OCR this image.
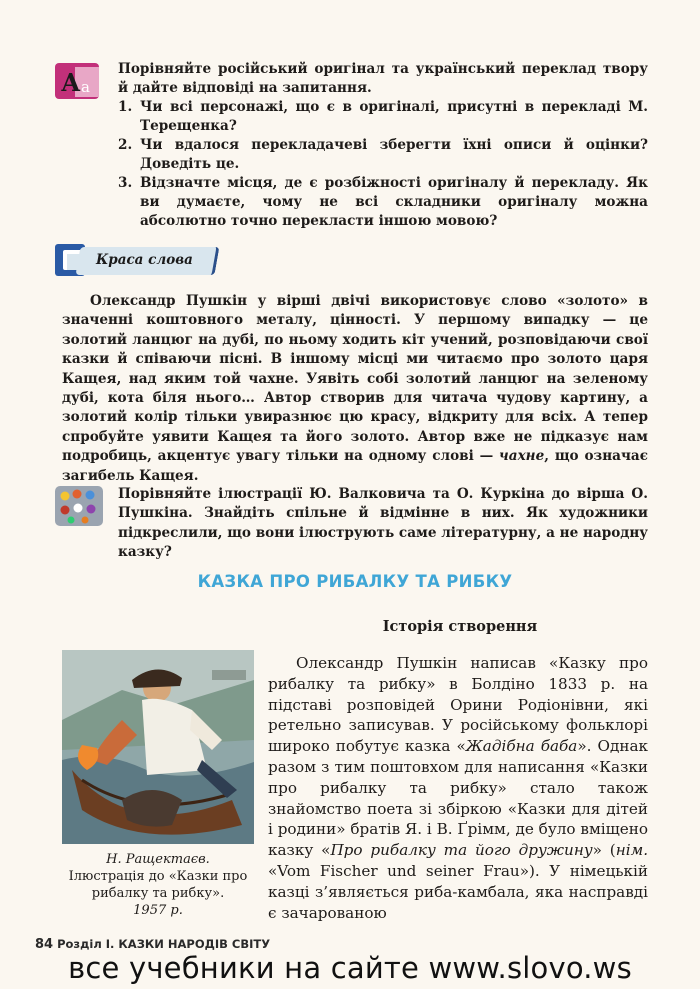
А а

Порівняйте російський оригінал та український переклад твору й дайте відповіді на запитання.

1. Чи всі персонажі, що є в оригіналі, присутні в перекладі М. Терещенка?
2. Чи вдалося перекладачеві зберегти їхні описи й оцінки? Доведіть це.
3. Відзначте місця, де є розбіжності оригіналу й перекладу. Як ви думаєте, чому не всі складники оригіналу можна абсолютно точно перекласти іншою мовою?
Краса слова

Олександр Пушкін у вірші двічі використовує слово «золото» в значенні коштовного металу, цінності. У першому випадку — це золотий ланцюг на дубі, по ньому ходить кіт учений, розповідаючи свої казки й співаючи пісні. В іншому місці ми читаємо про золото царя Кащея, над яким той чахне. Уявіть собі золотий ланцюг на зеленому дубі, кота біля нього… Автор створив для читача чудову картину, а золотий колір тільки увиразнює цю красу, відкриту для всіх. А тепер спробуйте уявити Кащея та його золото. Автор вже не підказує нам подробиць, акцентує увагу тільки на одному слові — чахне, що означає загибель Кащея.

Порівняйте ілюстрації Ю. Валковича та О. Куркіна до вірша О. Пушкіна. Знайдіть спільне й відмінне в них. Як художники підкреслили, що вони ілюструють саме літературну, а не народну казку?

КАЗКА ПРО РИБАЛКУ ТА РИБКУ
Історія створення
Н. Ращектаєв.
Ілюстрація до «Казки про рибалку та рибку».
1957 р.

Олександр Пушкін написав «Казку про рибалку та рибку» в Болдіно 1833 р. на підставі розповідей Орини Родіонівни, які ретельно записував. У російському фольклорі широко побутує казка «Жадібна баба». Однак разом з тим поштовхом для написання «Казки про рибалку та рибку» стало також знайомство поета зі збіркою «Казки для дітей і родини» братів Я. і В. Ґрімм, де було вміщено казку «Про рибалку та його дружину» (нім. «Vom Fischer und seiner Frau»). У німецькій казці з’являється риба-камбала, яка насправді є зачарованою

84 Розділ I. КАЗКИ НАРОДІВ СВІТУ
все учебники на сайте www.slovo.ws
